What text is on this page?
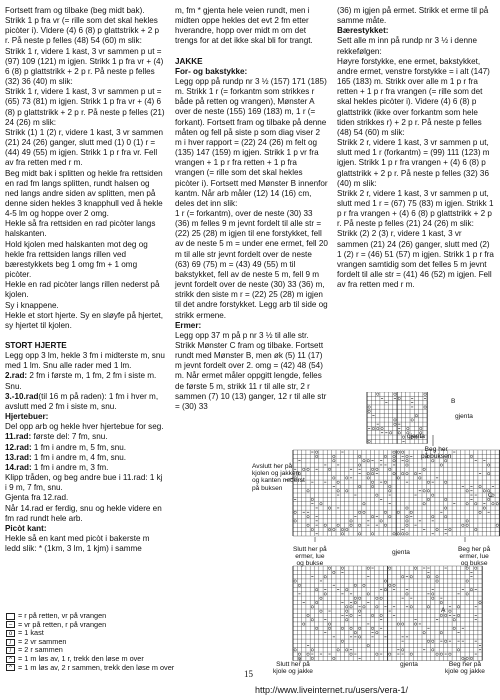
Fortsett fram og tilbake (beg midt bak). Strikk 1 p fra vr (= rille som det skal hekles picòter i). Videre (4) 6 (8) p glattstrikk + 2 p r. På neste p felles (48) 54 (60) m slik:

Strikk 1 r, videre 1 kast, 3 vr sammen p ut = (97) 109 (121) m igjen. Strikk 1 p fra vr + (4) 6 (8) p glattstrikk + 2 p r. På neste p felles (32) 36 (40) m slik:

Strikk 1 r, videre 1 kast, 3 vr sammen p ut = (65) 73 (81) m igjen. Strikk 1 p fra vr + (4) 6 (8) p glattstrikk + 2 p r. På neste p felles (21) 24 (26) m slik:

Strikk (1) 1 (2) r, videre 1 kast, 3 vr sammen (21) 24 (26) ganger, slutt med (1) 0 (1) r = (44) 49 (55) m igjen. Strikk 1 p r fra vr. Fell av fra retten med r m.

Beg midt bak i splitten og hekle fra rettsiden en rad fm langs splitten, rundt halsen og ned langs andre siden av splitten, men på denne siden hekles 3 knapphull ved å hekle 4-5 lm og hoppe over 2 omg.

Hekle så fra rettsiden en rad picòter langs halskanten.

Hold kjolen med halskanten mot deg og hekle fra rettsiden langs rillen ved bærestykkets beg 1 omg fm + 1 omg picòter.

Hekle en rad picòter langs rillen nederst på kjolen.

Sy i knappene.

Hekle et stort hjerte. Sy en sløyfe på hjertet, sy hjertet til kjolen.

STORT HJERTE

Legg opp 3 lm, hekle 3 fm i midterste m, snu med 1 lm. Snu alle rader med 1 lm.

2.rad: 2 fm i første m, 1 fm, 2 fm i siste m. Snu.

3.-10.rad(til 16 m på raden): 1 fm i hver m, avslutt med 2 fm i siste m, snu.

Hjertebuer:

Del opp arb og hekle hver hjertebue for seg.

11.rad: første del: 7 fm, snu.

12.rad: 1 fm i andre m, 5 fm, snu.

13.rad: 1 fm i andre m, 4 fm, snu.

14.rad: 1 fm i andre m, 3 fm.

Klipp tråden, og beg andre bue i 11.rad: 1 kj i 9 m, 7 fm, snu.

Gjenta fra 12.rad.

Når 14.rad er ferdig, snu og hekle videre en fm rad rundt hele arb.

Picòt kant:

Hekle så en kant med picòt i bakerste m ledd slik: * (1km, 3 lm, 1 kjm) i samme

m, fm * gjenta hele veien rundt, men i midten oppe hekles det evt 2 fm etter hverandre, hopp over midt m om det trengs for at det ikke skal bli for trangt.

JAKKE

For- og bakstykke:

Legg opp på rundp nr 3 ½ (157) 171 (185) m. Strikk 1 r (= forkantm som strikkes r både på retten og vrangen), Mønster A over de neste (155) 169 (183) m, 1 r (= forkant). Fortsett fram og tilbake på denne måten og fell på siste p som diag viser 2 m i hver rapport = (22) 24 (26) m felt og (135) 147 (159) m igjen. Strikk 1 p vr fra vrangen + 1 p r fra retten + 1 p fra vrangen (= rille som det skal hekles picòter i). Fortsett med Mønster B innenfor kantm. Når arb måler (12) 14 (16) cm, deles det inn slik:

1 r (= forkantm), over de neste (30) 33 (36) m felles 9 m jevnt fordelt til alle str = (22) 25 (28) m igjen til ene forstykket, fell av de neste 5 m = under ene ermet, fell 20 m til alle str jevnt fordelt over de neste (63) 69 (75) m = (43) 49 (55) m til bakstykket, fell av de neste 5 m, fell 9 m jevnt fordelt over de neste (30) 33 (36) m, strikk den siste m r = (22) 25 (28) m igjen til det andre forstykket. Legg arb til side og strikk ermene.

Ermer:

Legg opp 37 m på p nr 3 ½ til alle str. Strikk Mønster C fram og tilbake. Fortsett rundt med Mønster B, men øk (5) 11 (17) m jevnt fordelt over 2. omg = (42) 48 (54) m. Når ermet måler oppgitt lengde, felles de første 5 m, strikk 11 r til alle str, 2 r sammen (7) 10 (13) ganger, 12 r til alle str = (30) 33

(36) m igjen på ermet. Strikk et erme til på samme måte.

Bærestykket:

Sett alle m inn på rundp nr 3 ½ i denne rekkefølgen:

Høyre forstykke, ene ermet, bakstykket, andre ermet, venstre forstykke = i alt (147) 165 (183) m. Strikk over alle m 1 p r fra retten + 1 p r fra vrangen (= rille som det skal hekles picòter i). Videre (4) 6 (8) p glattstrikk (ikke over forkantm som hele tiden strikkes r) + 2 p r. På neste p felles (48) 54 (60) m slik:

Strikk 2 r, videre 1 kast, 3 vr sammen p ut, slutt med 1 r (forkantm) = (99) 111 (123) m igjen. Strikk 1 p r fra vrangen + (4) 6 (8) p glattstrikk + 2 p r. På neste p felles (32) 36 (40) m slik:

Strikk 2 r, videre 1 kast, 3 vr sammen p ut, slutt med 1 r = (67) 75 (83) m igjen. Strikk 1 p r fra vrangen + (4) 6 (8) p glattstrikk + 2 p r. På neste p felles (21) 24 (26) m slik:

Strikk (2) 2 (3) r, videre 1 kast, 3 vr sammen (21) 24 (26) ganger, slutt med (2) 1 (2) r = (46) 51 (57) m igjen. Strikk 1 p r fra vrangen samtidig som det felles 5 m jevnt fordelt til alle str = (41) 46 (52) m igjen. Fell av fra retten med r m.

= r på retten, vr på vrangen
– = vr på retten, r på vrangen
o = 1 kast
/ = 2 vr sammen
/ = 2 r sammen
^ = 1 m løs av, 1 r, trekk den løse m over
^ = 1 m løs av, 2 r sammen, trekk den løse m over
B
gjenta
gjenta
Beg her
på buksen
Avslutt her på
kjolen og jakken
og kanten nederst
på buksen
C
Slutt her på
ermer, lue
og bukse
gjenta	Beg her på
ermer, lue
og bukse
A
Slutt her på
kjole og jakke
gjenta	Beg her på
kjole og jakke
15
http://www.liveinternet.ru/users/vera-1/
